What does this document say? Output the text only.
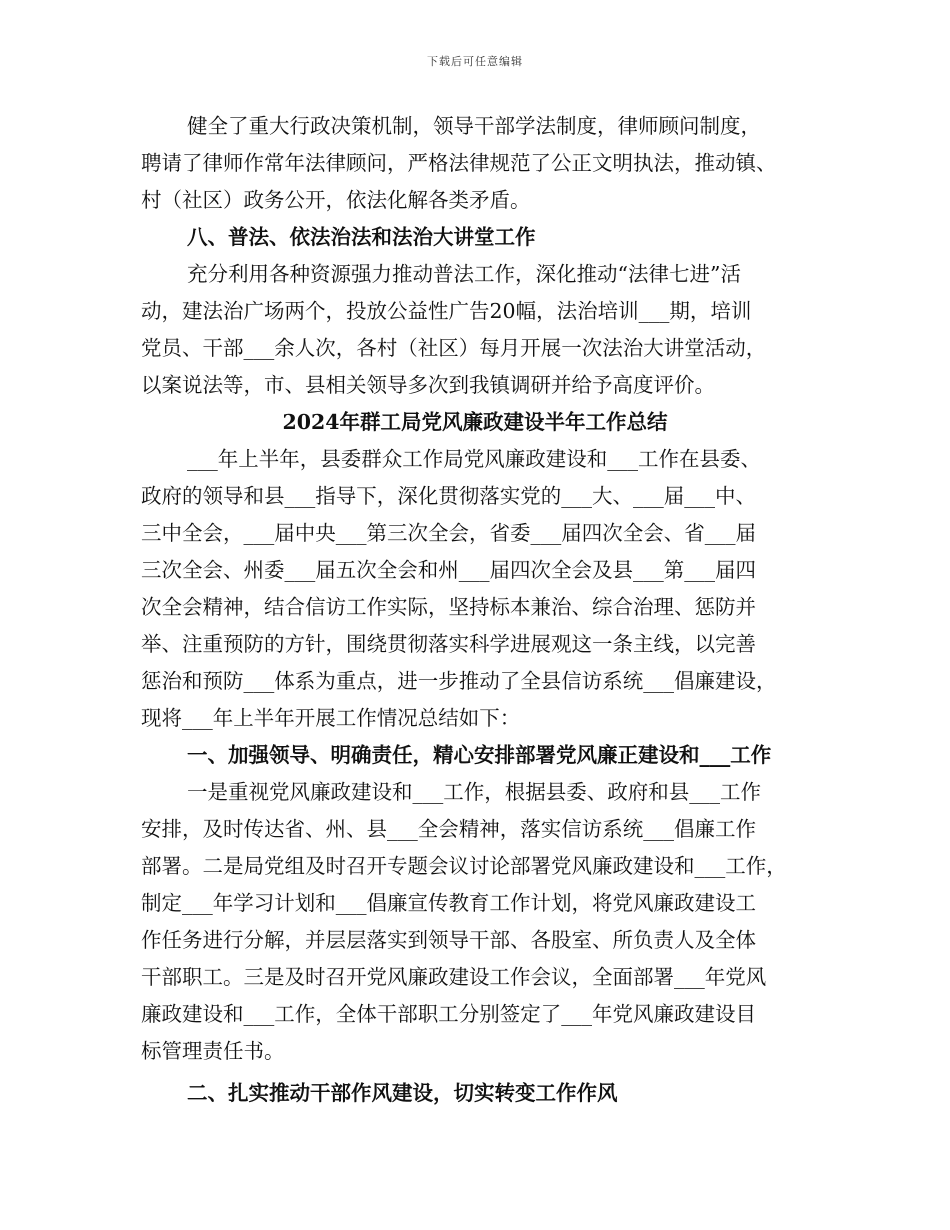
下载后可任意编辑
健全了重大行政决策机制，领导干部学法制度，律师顾问制度，
聘请了律师作常年法律顾问，严格法律规范了公正文明执法，推动镇、
村（社区）政务公开，依法化解各类矛盾。
八、普法、依法治法和法治大讲堂工作
充分利用各种资源强力推动普法工作，深化推动“法律七进”活
动，建法治广场两个，投放公益性广告20幅，法治培训___期，培训
党员、干部___余人次，各村（社区）每月开展一次法治大讲堂活动，
以案说法等，市、县相关领导多次到我镇调研并给予高度评价。
2024年群工局党风廉政建设半年工作总结
___年上半年，县委群众工作局党风廉政建设和___工作在县委、
政府的领导和县___指导下，深化贯彻落实党的___大、___届___中、
三中全会，___届中央___第三次全会，省委___届四次全会、省___届
三次全会、州委___届五次全会和州___届四次全会及县___第___届四
次全会精神，结合信访工作实际，坚持标本兼治、综合治理、惩防并
举、注重预防的方针，围绕贯彻落实科学进展观这一条主线，以完善
惩治和预防___体系为重点，进一步推动了全县信访系统___倡廉建设，
现将___年上半年开展工作情况总结如下：
一、加强领导、明确责任，精心安排部署党风廉正建设和___工作
一是重视党风廉政建设和___工作，根据县委、政府和县___工作
安排，及时传达省、州、县___全会精神，落实信访系统___倡廉工作
部署。二是局党组及时召开专题会议讨论部署党风廉政建设和___工作，
制定___年学习计划和___倡廉宣传教育工作计划，将党风廉政建设工
作任务进行分解，并层层落实到领导干部、各股室、所负责人及全体
干部职工。三是及时召开党风廉政建设工作会议，全面部署___年党风
廉政建设和___工作，全体干部职工分别签定了___年党风廉政建设目
标管理责任书。
二、扎实推动干部作风建设，切实转变工作作风
